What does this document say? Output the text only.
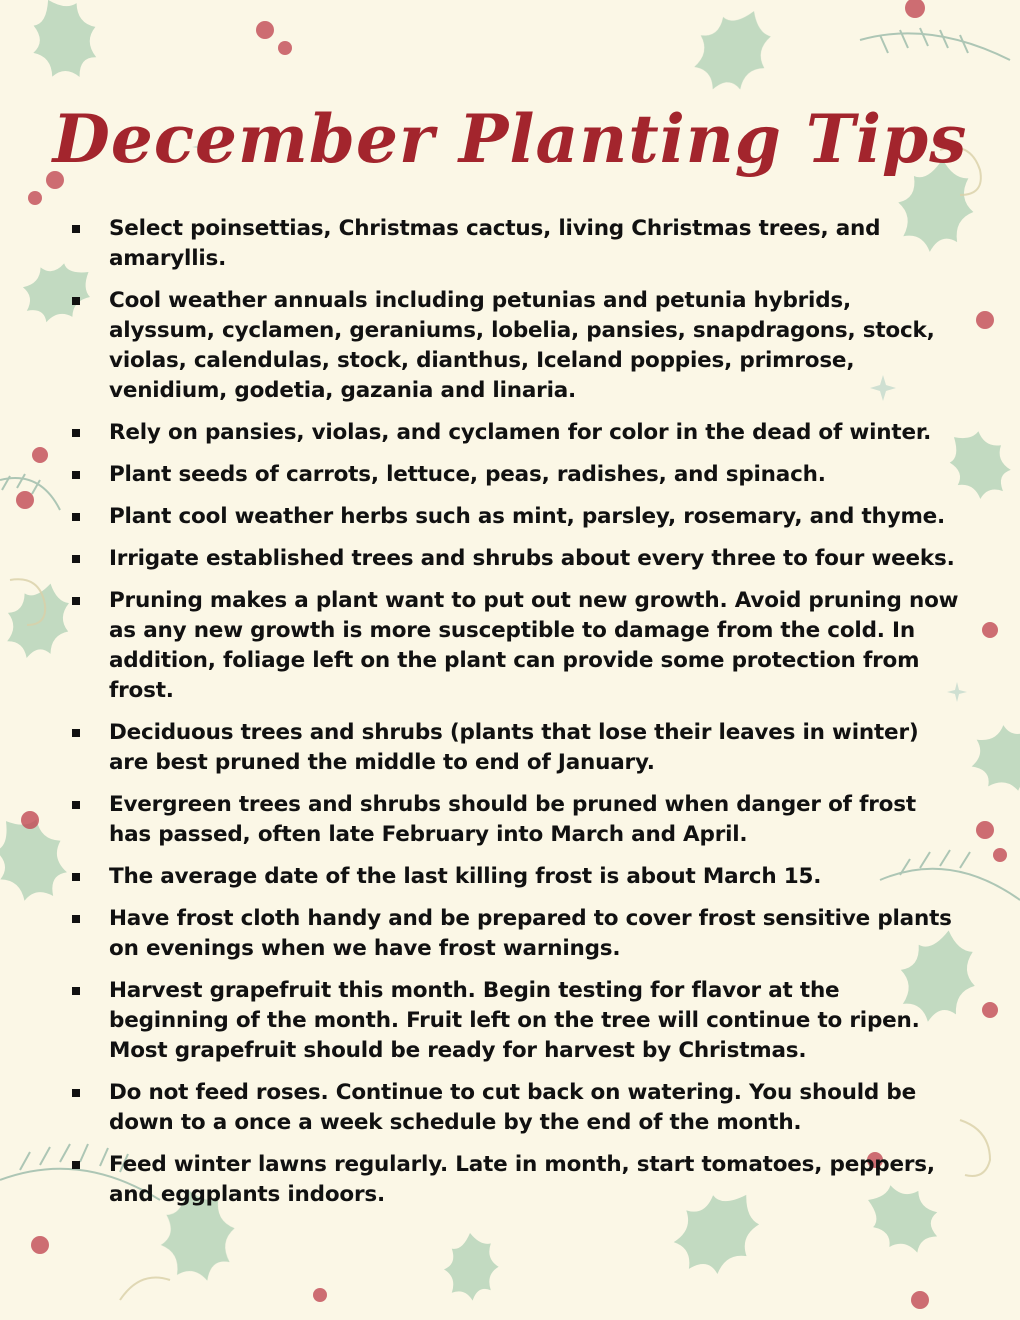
December Planting Tips
Select poinsettias, Christmas cactus, living Christmas trees, and amaryllis.
Cool weather annuals including petunias and petunia hybrids, alyssum, cyclamen, geraniums, lobelia, pansies, snapdragons, stock, violas, calendulas, stock, dianthus, Iceland poppies, primrose, venidium, godetia, gazania and linaria.
Rely on pansies, violas, and cyclamen for color in the dead of winter.
Plant seeds of carrots, lettuce, peas, radishes, and spinach.
Plant cool weather herbs such as mint, parsley, rosemary, and thyme.
Irrigate established trees and shrubs about every three to four weeks.
Pruning makes a plant want to put out new growth. Avoid pruning now as any new growth is more susceptible to damage from the cold. In addition, foliage left on the plant can provide some protection from frost.
Deciduous trees and shrubs (plants that lose their leaves in winter) are best pruned the middle to end of January.
Evergreen trees and shrubs should be pruned when danger of frost has passed, often late February into March and April.
The average date of the last killing frost is about March 15.
Have frost cloth handy and be prepared to cover frost sensitive plants on evenings when we have frost warnings.
Harvest grapefruit this month. Begin testing for flavor at the beginning of the month. Fruit left on the tree will continue to ripen. Most grapefruit should be ready for harvest by Christmas.
Do not feed roses. Continue to cut back on watering. You should be down to a once a week schedule by the end of the month.
Feed winter lawns regularly. Late in month, start tomatoes, peppers, and eggplants indoors.
